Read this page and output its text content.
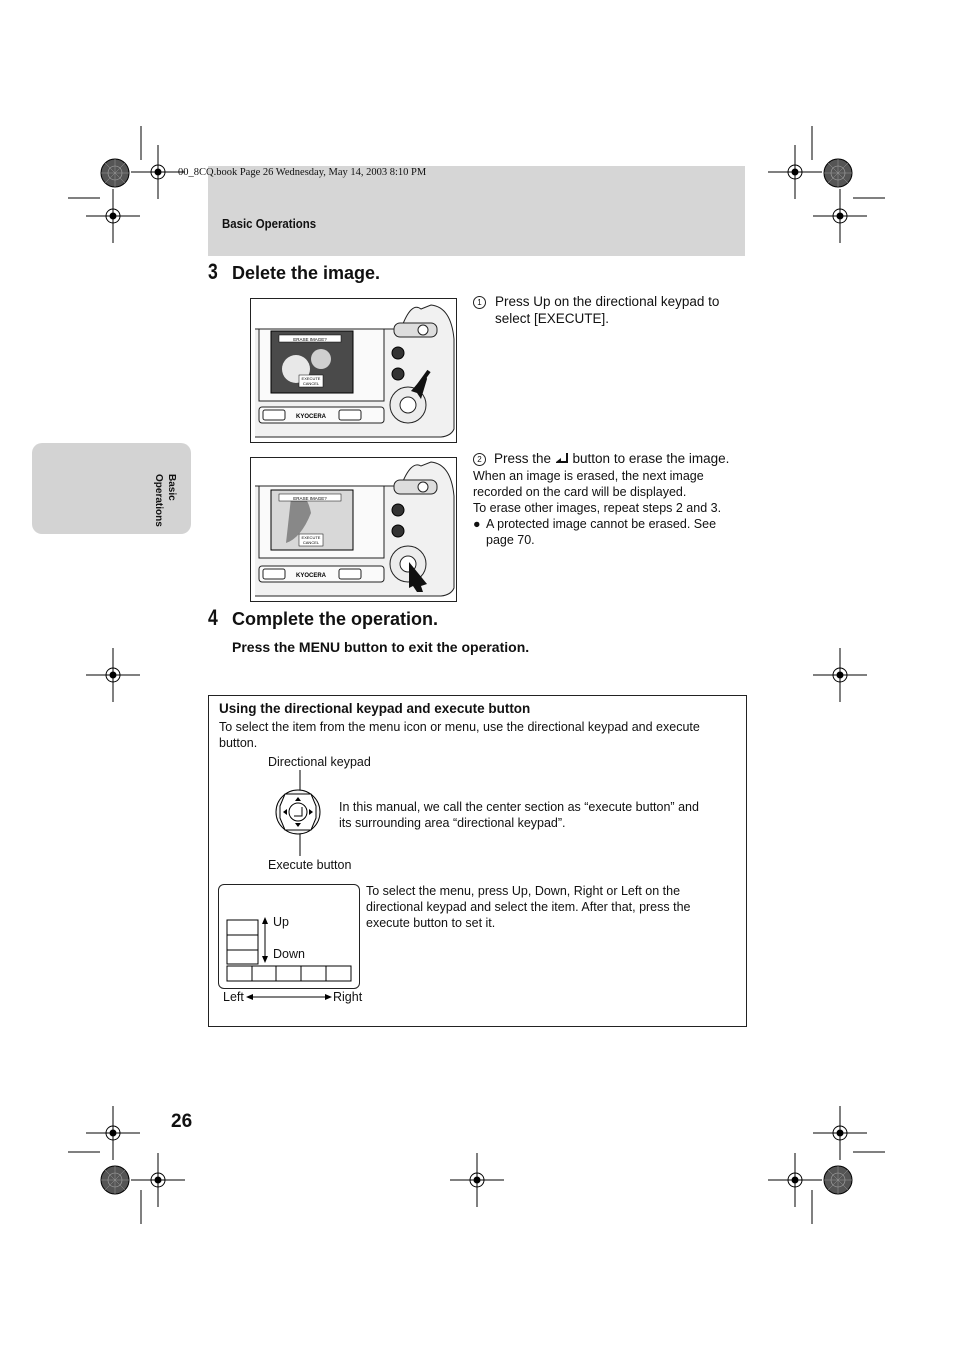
00_8CQ.book Page 26 Wednesday, May 14, 2003 8:10 PM
Basic Operations
Basic
Operations
3 Delete the image.
ERASE IMAGE?
EXECUTE
CANCEL
KYOCERA
1 Press Up on the directional keypad to select [EXECUTE].
ERASE IMAGE?
EXECUTE
CANCEL
KYOCERA
2 Press the  button to erase the image.
When an image is erased, the next image recorded on the card will be displayed.
To erase other images, repeat steps 2 and 3.
● A protected image cannot be erased. See page 70.
4 Complete the operation.
Press the MENU button to exit the operation.
Using the directional keypad and execute button
To select the item from the menu icon or menu, use the directional keypad and execute button.
Directional keypad
In this manual, we call the center section as “execute button” and its surrounding area “directional keypad”.
Execute button
Up
Down
Left	Right
To select the menu, press Up, Down, Right or Left on the directional keypad and select the item. After that, press the execute button to set it.
26
